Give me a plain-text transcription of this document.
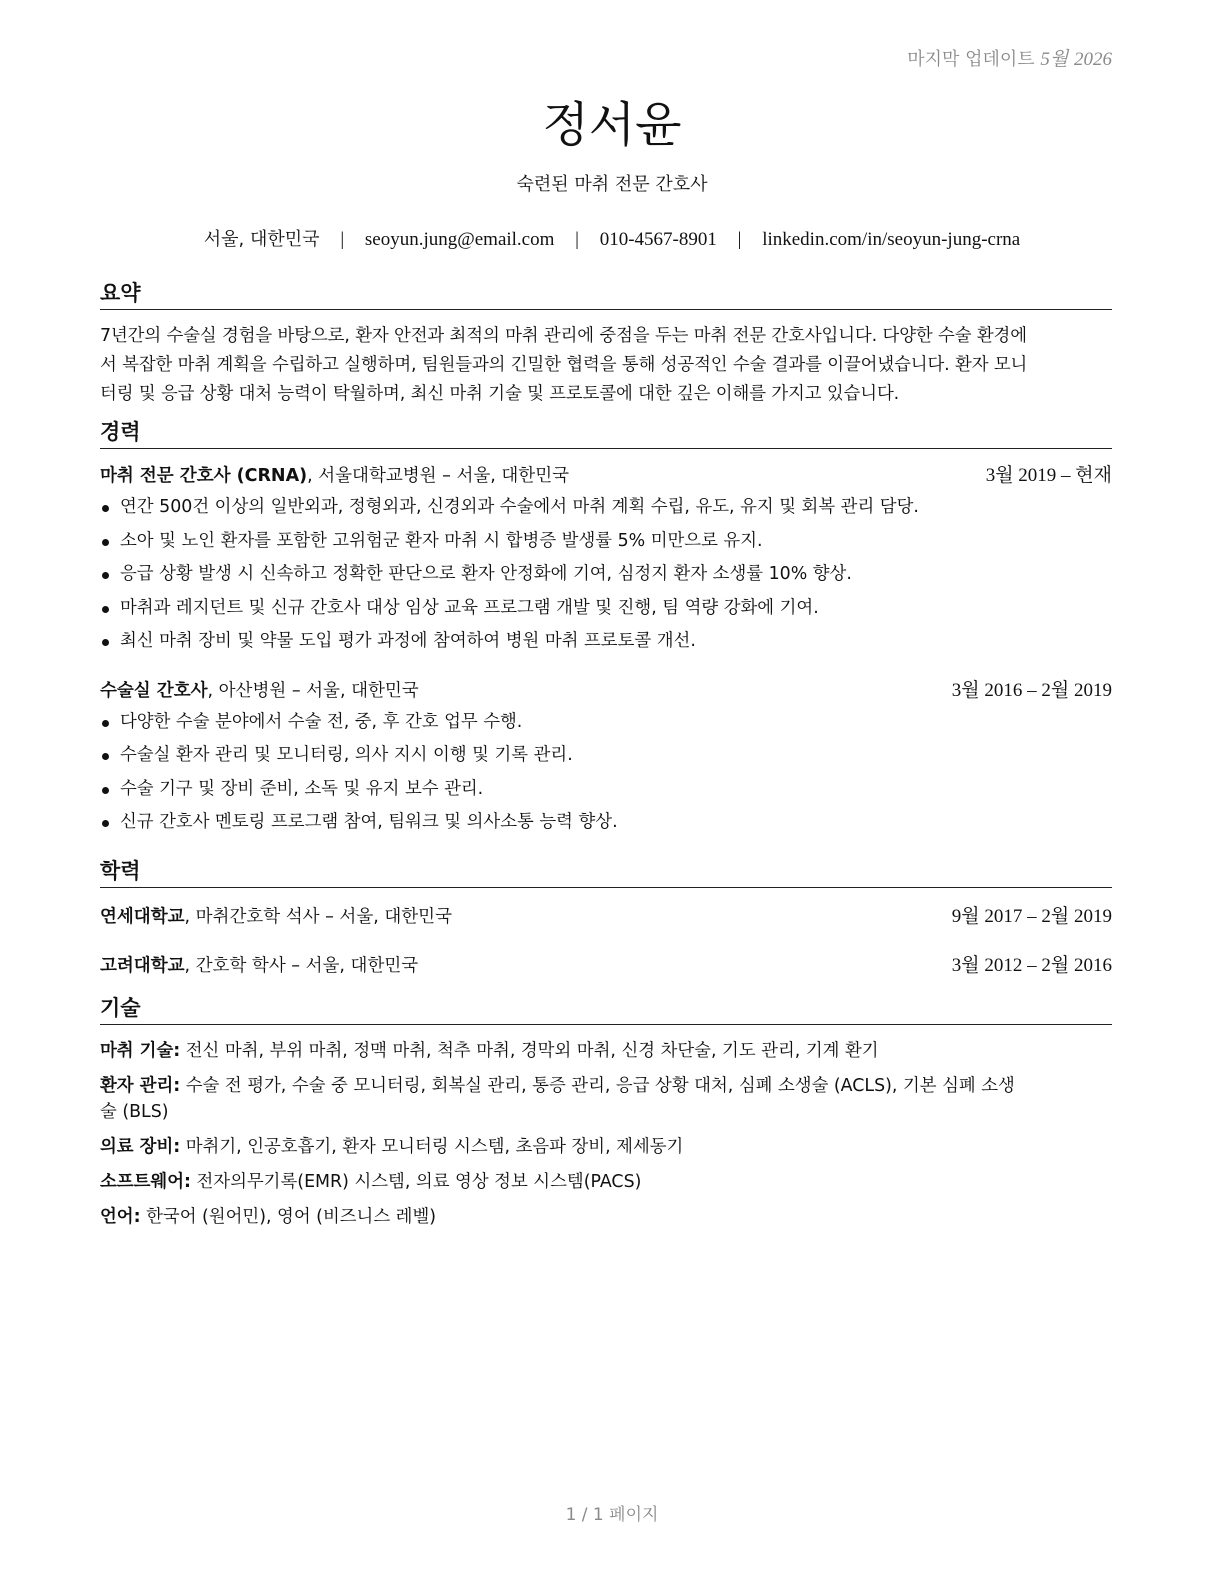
마지막 업데이트 5월 2026
정서윤
숙련된 마취 전문 간호사
서울, 대한민국 | seoyun.jung@email.com | 010-4567-8901 | linkedin.com/in/seoyun-jung-crna
요약
7년간의 수술실 경험을 바탕으로, 환자 안전과 최적의 마취 관리에 중점을 두는 마취 전문 간호사입니다. 다양한 수술 환경에
서 복잡한 마취 계획을 수립하고 실행하며, 팀원들과의 긴밀한 협력을 통해 성공적인 수술 결과를 이끌어냈습니다. 환자 모니
터링 및 응급 상황 대처 능력이 탁월하며, 최신 마취 기술 및 프로토콜에 대한 깊은 이해를 가지고 있습니다.
경력
마취 전문 간호사 (CRNA), 서울대학교병원 – 서울, 대한민국	3월 2019 – 현재
연간 500건 이상의 일반외과, 정형외과, 신경외과 수술에서 마취 계획 수립, 유도, 유지 및 회복 관리 담당.
소아 및 노인 환자를 포함한 고위험군 환자 마취 시 합병증 발생률 5% 미만으로 유지.
응급 상황 발생 시 신속하고 정확한 판단으로 환자 안정화에 기여, 심정지 환자 소생률 10% 향상.
마취과 레지던트 및 신규 간호사 대상 임상 교육 프로그램 개발 및 진행, 팀 역량 강화에 기여.
최신 마취 장비 및 약물 도입 평가 과정에 참여하여 병원 마취 프로토콜 개선.
수술실 간호사, 아산병원 – 서울, 대한민국	3월 2016 – 2월 2019
다양한 수술 분야에서 수술 전, 중, 후 간호 업무 수행.
수술실 환자 관리 및 모니터링, 의사 지시 이행 및 기록 관리.
수술 기구 및 장비 준비, 소독 및 유지 보수 관리.
신규 간호사 멘토링 프로그램 참여, 팀워크 및 의사소통 능력 향상.
학력
연세대학교, 마취간호학 석사 – 서울, 대한민국	9월 2017 – 2월 2019
고려대학교, 간호학 학사 – 서울, 대한민국	3월 2012 – 2월 2016
기술
마취 기술: 전신 마취, 부위 마취, 정맥 마취, 척추 마취, 경막외 마취, 신경 차단술, 기도 관리, 기계 환기
환자 관리: 수술 전 평가, 수술 중 모니터링, 회복실 관리, 통증 관리, 응급 상황 대처, 심폐 소생술 (ACLS), 기본 심폐 소생
술 (BLS)
의료 장비: 마취기, 인공호흡기, 환자 모니터링 시스템, 초음파 장비, 제세동기
소프트웨어: 전자의무기록(EMR) 시스템, 의료 영상 정보 시스템(PACS)
언어: 한국어 (원어민), 영어 (비즈니스 레벨)
1 / 1 페이지
